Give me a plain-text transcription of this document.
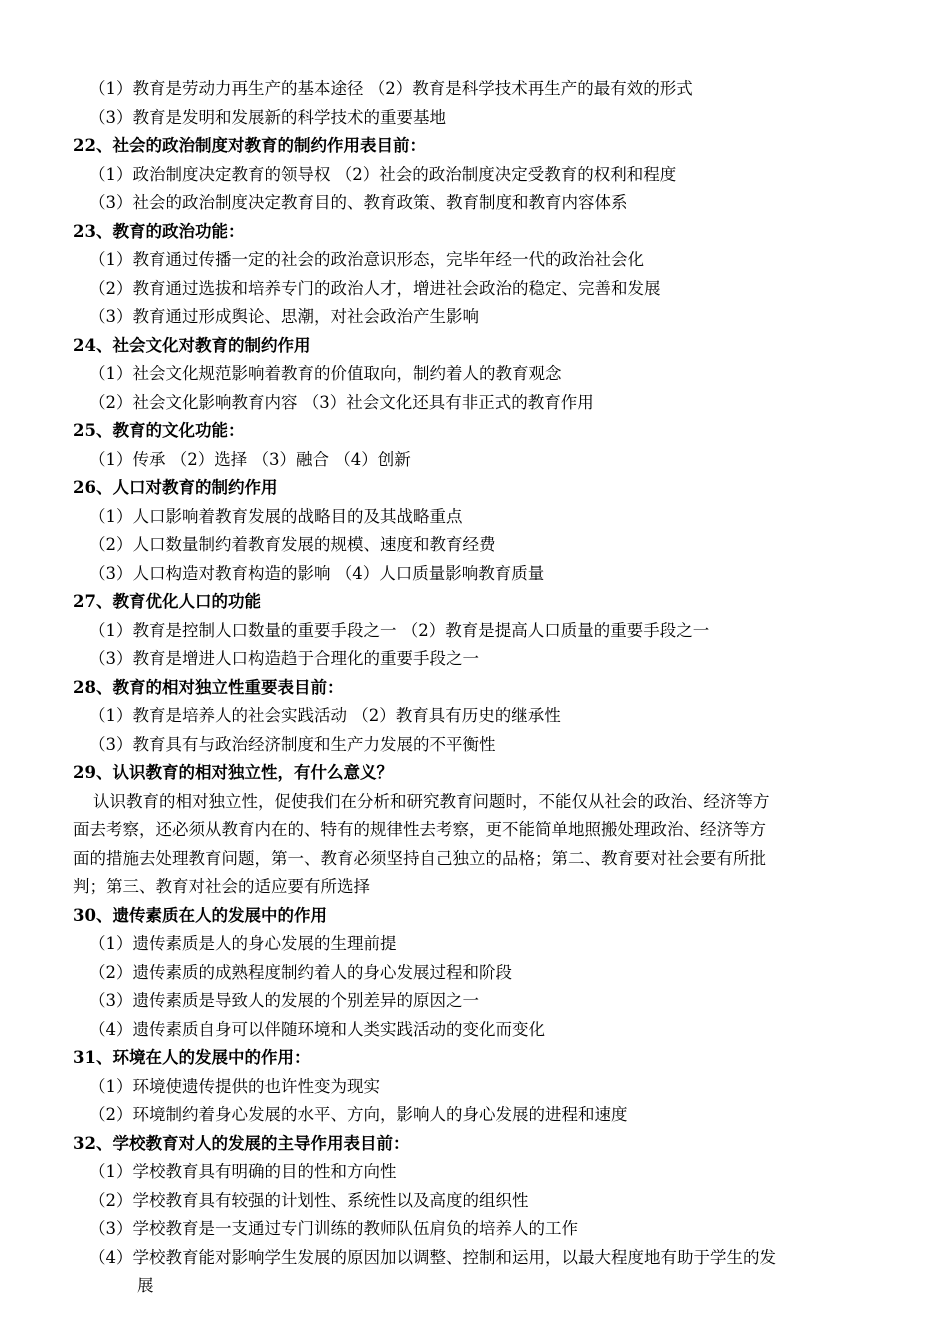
（1）教育是劳动力再生产的基本途径 （2）教育是科学技术再生产的最有效的形式
（3）教育是发明和发展新的科学技术的重要基地
22、社会的政治制度对教育的制约作用表目前：
（1）政治制度决定教育的领导权 （2）社会的政治制度决定受教育的权利和程度
（3）社会的政治制度决定教育目的、教育政策、教育制度和教育内容体系
23、教育的政治功能：
（1）教育通过传播一定的社会的政治意识形态，完毕年经一代的政治社会化
（2）教育通过选拔和培养专门的政治人才，增进社会政治的稳定、完善和发展
（3）教育通过形成舆论、思潮，对社会政治产生影响
24、社会文化对教育的制约作用
（1）社会文化规范影响着教育的价值取向，制约着人的教育观念
（2）社会文化影响教育内容 （3）社会文化还具有非正式的教育作用
25、教育的文化功能：
（1）传承 （2）选择 （3）融合 （4）创新
26、人口对教育的制约作用
（1）人口影响着教育发展的战略目的及其战略重点
（2）人口数量制约着教育发展的规模、速度和教育经费
（3）人口构造对教育构造的影响 （4）人口质量影响教育质量
27、教育优化人口的功能
（1）教育是控制人口数量的重要手段之一 （2）教育是提高人口质量的重要手段之一
（3）教育是增进人口构造趋于合理化的重要手段之一
28、教育的相对独立性重要表目前：
（1）教育是培养人的社会实践活动 （2）教育具有历史的继承性
（3）教育具有与政治经济制度和生产力发展的不平衡性
29、认识教育的相对独立性，有什么意义？
认识教育的相对独立性，促使我们在分析和研究教育问题时，不能仅从社会的政治、经济等方
面去考察，还必须从教育内在的、特有的规律性去考察，更不能简单地照搬处理政治、经济等方
面的措施去处理教育问题，第一、教育必须坚持自己独立的品格；第二、教育要对社会要有所批
判；第三、教育对社会的适应要有所选择
30、遗传素质在人的发展中的作用
（1）遗传素质是人的身心发展的生理前提
（2）遗传素质的成熟程度制约着人的身心发展过程和阶段
（3）遗传素质是导致人的发展的个别差异的原因之一
（4）遗传素质自身可以伴随环境和人类实践活动的变化而变化
31、环境在人的发展中的作用：
（1）环境使遗传提供的也许性变为现实
（2）环境制约着身心发展的水平、方向，影响人的身心发展的进程和速度
32、学校教育对人的发展的主导作用表目前：
（1）学校教育具有明确的目的性和方向性
（2）学校教育具有较强的计划性、系统性以及高度的组织性
（3）学校教育是一支通过专门训练的教师队伍肩负的培养人的工作
（4）学校教育能对影响学生发展的原因加以调整、控制和运用，以最大程度地有助于学生的发
展
